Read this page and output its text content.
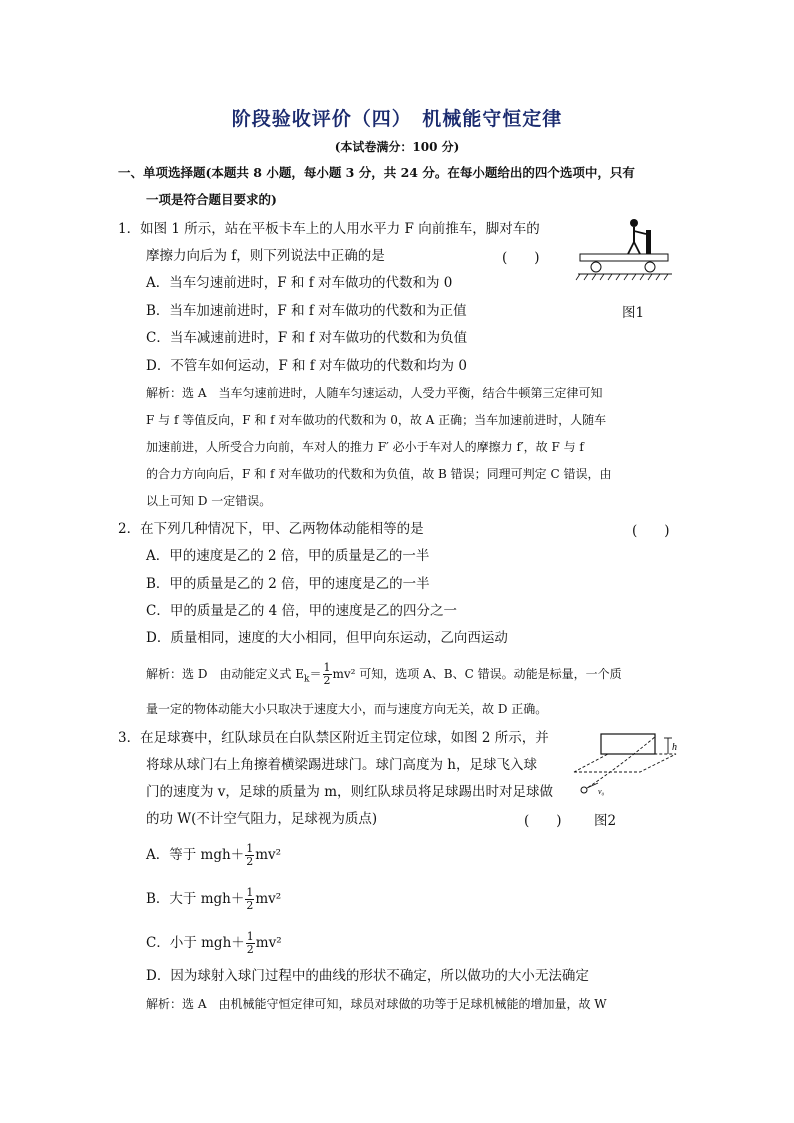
阶段验收评价（四）　机械能守恒定律
(本试卷满分：100 分)
一、单项选择题(本题共 8 小题，每小题 3 分，共 24 分。在每小题给出的四个选项中，只有
一项是符合题目要求的)
1．如图 1 所示，站在平板卡车上的人用水平力 F 向前推车，脚对车的
摩擦力向后为 f，则下列说法中正确的是	(　　)
图1
A．当车匀速前进时，F 和 f 对车做功的代数和为 0
B．当车加速前进时，F 和 f 对车做功的代数和为正值
C．当车减速前进时，F 和 f 对车做功的代数和为负值
D．不管车如何运动，F 和 f 对车做功的代数和均为 0
解析：选 A　当车匀速前进时，人随车匀速运动，人受力平衡，结合牛顿第三定律可知
F 与 f 等值反向，F 和 f 对车做功的代数和为 0，故 A 正确；当车加速前进时，人随车
加速前进，人所受合力向前，车对人的推力 F′ 必小于车对人的摩擦力 f′，故 F 与 f
的合力方向向后，F 和 f 对车做功的代数和为负值，故 B 错误；同理可判定 C 错误，由
以上可知 D 一定错误。
2．在下列几种情况下，甲、乙两物体动能相等的是	(　　)
A．甲的速度是乙的 2 倍，甲的质量是乙的一半
B．甲的质量是乙的 2 倍，甲的速度是乙的一半
C．甲的质量是乙的 4 倍，甲的速度是乙的四分之一
D．质量相同，速度的大小相同，但甲向东运动，乙向西运动
解析：选 D　由动能定义式 $E_k= \frac{1}{2} mv^2$ 可知，选项 A、B、C 错误。动能是标量，一个质
量一定的物体动能大小只取决于速度大小，而与速度方向无关，故 D 正确。
3．在足球赛中，红队球员在白队禁区附近主罚定位球，如图 2 所示，并
将球从球门右上角擦着横梁踢进球门。球门高度为 h，足球飞入球
门的速度为 v，足球的质量为 m，则红队球员将足球踢出时对足球做
的功 W(不计空气阻力，足球视为质点)	(　　)
h
v₀
图2
A．等于 $mgh+ \frac{1}{2} mv^2$
B．大于 $mgh+ \frac{1}{2} mv^2$
C．小于 $mgh+ \frac{1}{2} mv^2$
D．因为球射入球门过程中的曲线的形状不确定，所以做功的大小无法确定
解析：选 A　由机械能守恒定律可知，球员对球做的功等于足球机械能的增加量，故 W
